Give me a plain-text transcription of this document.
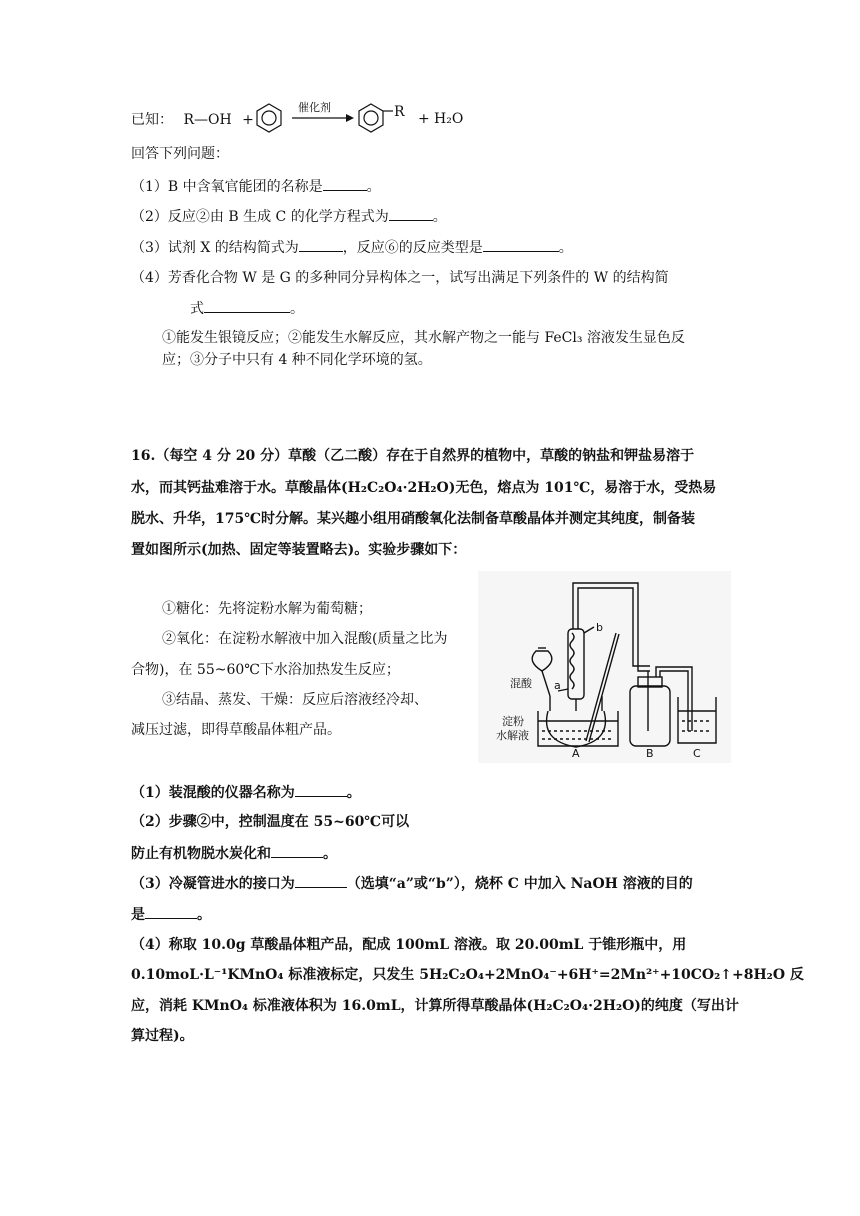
已知： R—OH +
催化剂	R + H₂O
回答下列问题：
（1）B 中含氧官能团的名称是	。
（2）反应②由 B 生成 C 的化学方程式为	。
（3）试剂 X 的结构简式为	，反应⑥的反应类型是	。
（4）芳香化合物 W 是 G 的多种同分异构体之一，试写出满足下列条件的 W 的结构简
式	。
①能发生银镜反应；②能发生水解反应，其水解产物之一能与 FeCl₃ 溶液发生显色反
应；③分子中只有 4 种不同化学环境的氢。
16.（每空 4 分 20 分）草酸（乙二酸）存在于自然界的植物中，草酸的钠盐和钾盐易溶于
水，而其钙盐难溶于水。草酸晶体(H₂C₂O₄·2H₂O)无色，熔点为 101℃，易溶于水，受热易
脱水、升华，175℃时分解。某兴趣小组用硝酸氧化法制备草酸晶体并测定其纯度，制备装
置如图所示(加热、固定等装置略去)。实验步骤如下：
①糖化：先将淀粉水解为葡萄糖；
②氧化：在淀粉水解液中加入混酸(质量之比为
合物)，在 55~60℃下水浴加热发生反应；
③结晶、蒸发、干燥：反应后溶液经冷却、
减压过滤，即得草酸晶体粗产品。
b
a
混酸
淀粉
水解液
A	B	C
（1）装混酸的仪器名称为	。
（2）步骤②中，控制温度在 55~60℃可以
防止有机物脱水炭化和	。
（3）冷凝管进水的接口为	（选填“a”或“b”），烧杯 C 中加入 NaOH 溶液的目的
是	。
（4）称取 10.0g 草酸晶体粗产品，配成 100mL 溶液。取 20.00mL 于锥形瓶中，用
0.10moL·L⁻¹KMnO₄ 标准液标定，只发生 5H₂C₂O₄+2MnO₄⁻+6H⁺=2Mn²⁺+10CO₂↑+8H₂O 反
应，消耗 KMnO₄ 标准液体积为 16.0mL，计算所得草酸晶体(H₂C₂O₄·2H₂O)的纯度（写出计
算过程)。
